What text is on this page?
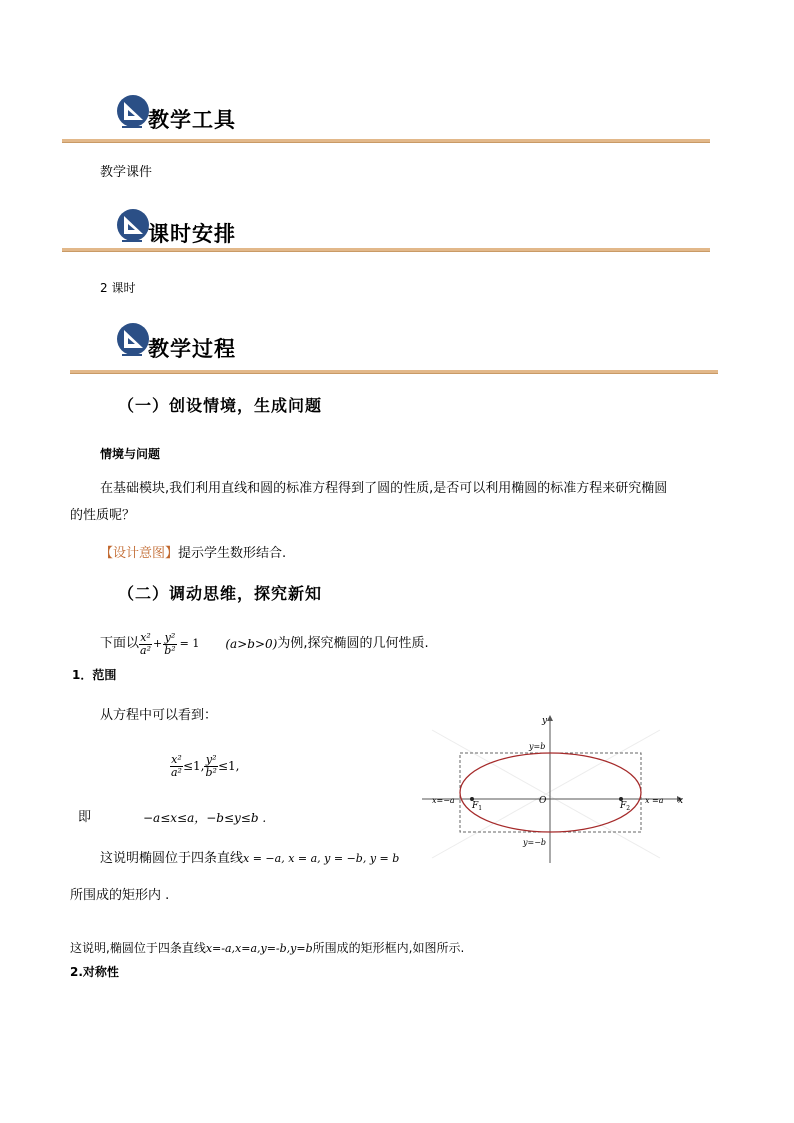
教学工具
教学课件
课时安排
2 课时
教学过程
（一）创设情境，生成问题
情境与问题
在基础模块,我们利用直线和圆的标准方程得到了圆的性质,是否可以利用椭圆的标准方程来研究椭圆
的性质呢？
【设计意图】提示学生数形结合.
（二）调动思维，探究新知
下面以 $\frac{\text{x²}}{\text{a²}} + \frac{\text{y²}}{\text{b²}} = 1$ (a>b>0) 为例,探究椭圆的几何性质.
1．范围
从方程中可以看到：
$\frac{\text{x²}}{\text{a²}} \le 1$, $\frac{\text{y²}}{\text{b²}} \le 1$,
即	−a≤x≤a，−b≤y≤b .
这说明椭圆位于四条直线x = −a, x = a, y = −b, y = b
所围成的矩形内 .
这说明,椭圆位于四条直线x=-a,x=a,y=-b,y=b所围成的矩形框内,如图所示.
2.对称性
y
x
O
y=b
y=−b
x=−a	x =a
$F_1$	$F_2$
